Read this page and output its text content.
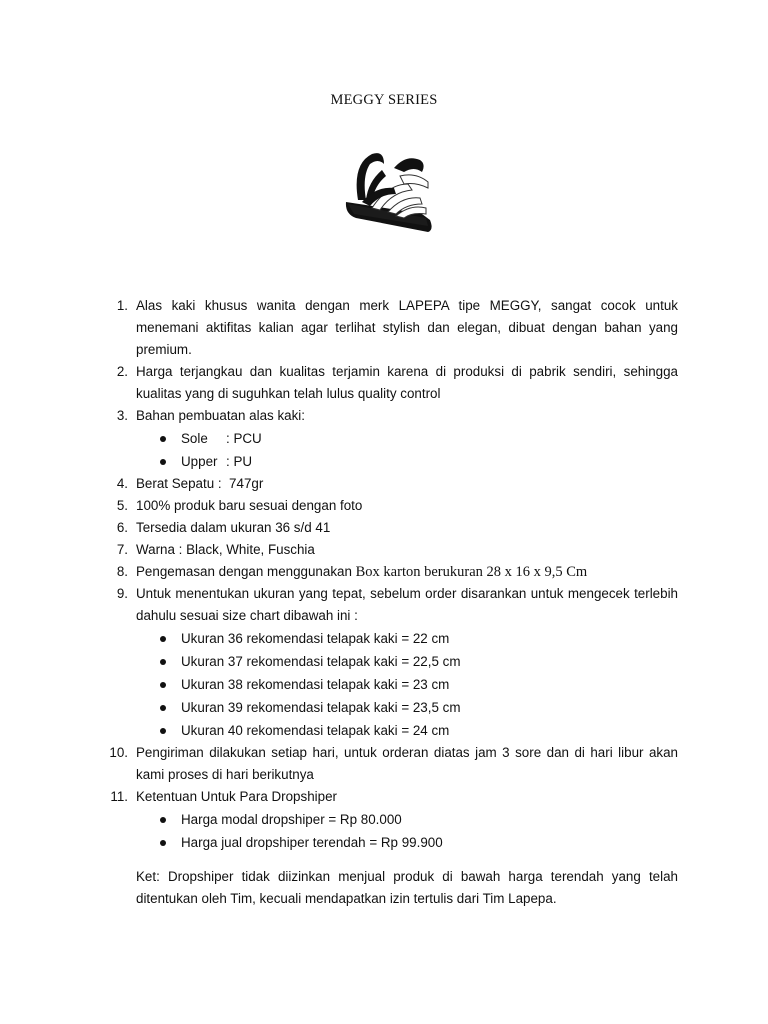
MEGGY SERIES
1. Alas kaki khusus wanita dengan merk LAPEPA tipe MEGGY, sangat cocok untuk menemani aktifitas kalian agar terlihat stylish dan elegan, dibuat dengan bahan yang premium.
2. Harga terjangkau dan kualitas terjamin karena di produksi di pabrik sendiri, sehingga kualitas yang di suguhkan telah lulus quality control
3. Bahan pembuatan alas kaki:
Sole : PCU
Upper : PU
4. Berat Sepatu :  747gr
5. 100% produk baru sesuai dengan foto
6. Tersedia dalam ukuran 36 s/d 41
7. Warna : Black, White, Fuschia
8. Pengemasan dengan menggunakan Box karton berukuran 28 x 16 x 9,5 Cm
9. Untuk menentukan ukuran yang tepat, sebelum order disarankan untuk mengecek terlebih dahulu sesuai size chart dibawah ini :
Ukuran 36 rekomendasi telapak kaki = 22 cm
Ukuran 37 rekomendasi telapak kaki = 22,5 cm
Ukuran 38 rekomendasi telapak kaki = 23 cm
Ukuran 39 rekomendasi telapak kaki = 23,5 cm
Ukuran 40 rekomendasi telapak kaki = 24 cm
10. Pengiriman dilakukan setiap hari, untuk orderan diatas jam 3 sore dan di hari libur akan kami proses di hari berikutnya
11. Ketentuan Untuk Para Dropshiper
Harga modal dropshiper = Rp 80.000
Harga jual dropshiper terendah = Rp 99.900
Ket: Dropshiper tidak diizinkan menjual produk di bawah harga terendah yang telah ditentukan oleh Tim, kecuali mendapatkan izin tertulis dari Tim Lapepa.
